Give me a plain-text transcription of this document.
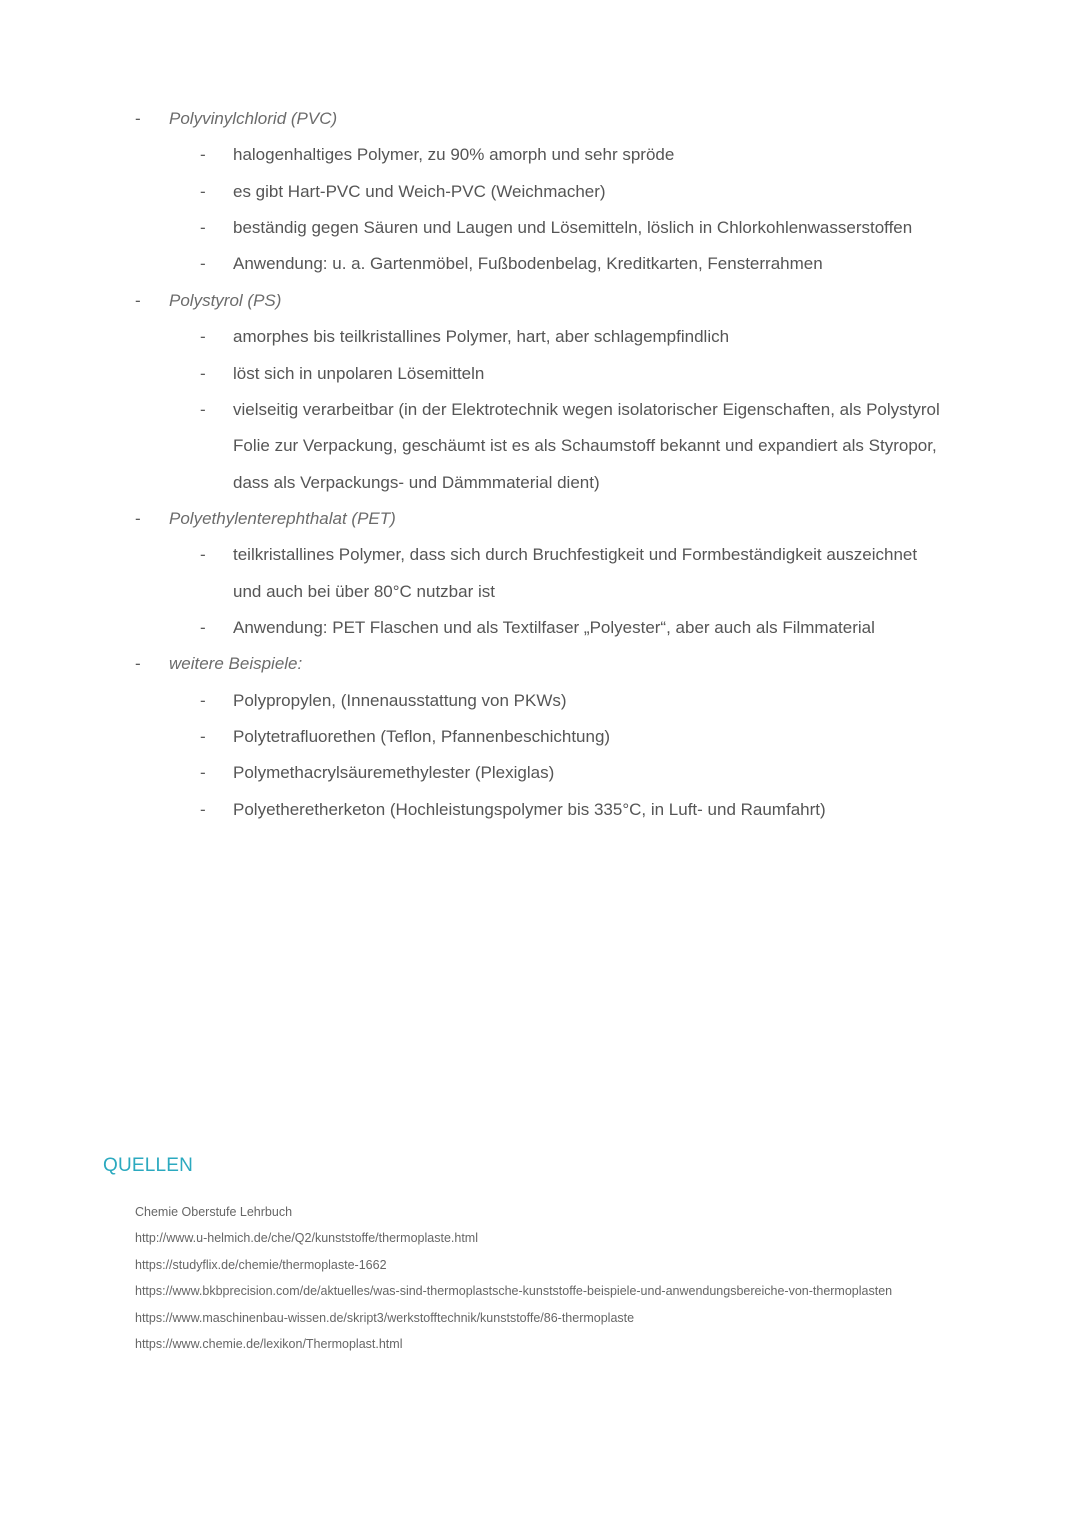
- Polyvinylchlorid (PVC)
- halogenhaltiges Polymer, zu 90% amorph und sehr spröde
- es gibt Hart-PVC und Weich-PVC (Weichmacher)
- beständig gegen Säuren und Laugen und Lösemitteln, löslich in Chlorkohlenwasserstoffen
- Anwendung: u. a. Gartenmöbel, Fußbodenbelag, Kreditkarten, Fensterrahmen
- Polystyrol (PS)
- amorphes bis teilkristallines Polymer, hart, aber schlagempfindlich
- löst sich in unpolaren Lösemitteln
- vielseitig verarbeitbar (in der Elektrotechnik wegen isolatorischer Eigenschaften, als Polystyrol
Folie zur Verpackung, geschäumt ist es als Schaumstoff bekannt und expandiert als Styropor,
dass als Verpackungs- und Dämmmaterial dient)
- Polyethylenterephthalat (PET)
- teilkristallines Polymer, dass sich durch Bruchfestigkeit und Formbeständigkeit auszeichnet
und auch bei über 80°C nutzbar ist
- Anwendung: PET Flaschen und als Textilfaser „Polyester“, aber auch als Filmmaterial
- weitere Beispiele:
- Polypropylen, (Innenausstattung von PKWs)
- Polytetrafluorethen (Teflon, Pfannenbeschichtung)
- Polymethacrylsäuremethylester (Plexiglas)
- Polyetheretherketon (Hochleistungspolymer bis 335°C, in Luft- und Raumfahrt)
QUELLEN
Chemie Oberstufe Lehrbuch
http://www.u-helmich.de/che/Q2/kunststoffe/thermoplaste.html
https://studyflix.de/chemie/thermoplaste-1662
https://www.bkbprecision.com/de/aktuelles/was-sind-thermoplastsche-kunststoffe-beispiele-und-anwendungsbereiche-von-thermoplasten
https://www.maschinenbau-wissen.de/skript3/werkstofftechnik/kunststoffe/86-thermoplaste
https://www.chemie.de/lexikon/Thermoplast.html
